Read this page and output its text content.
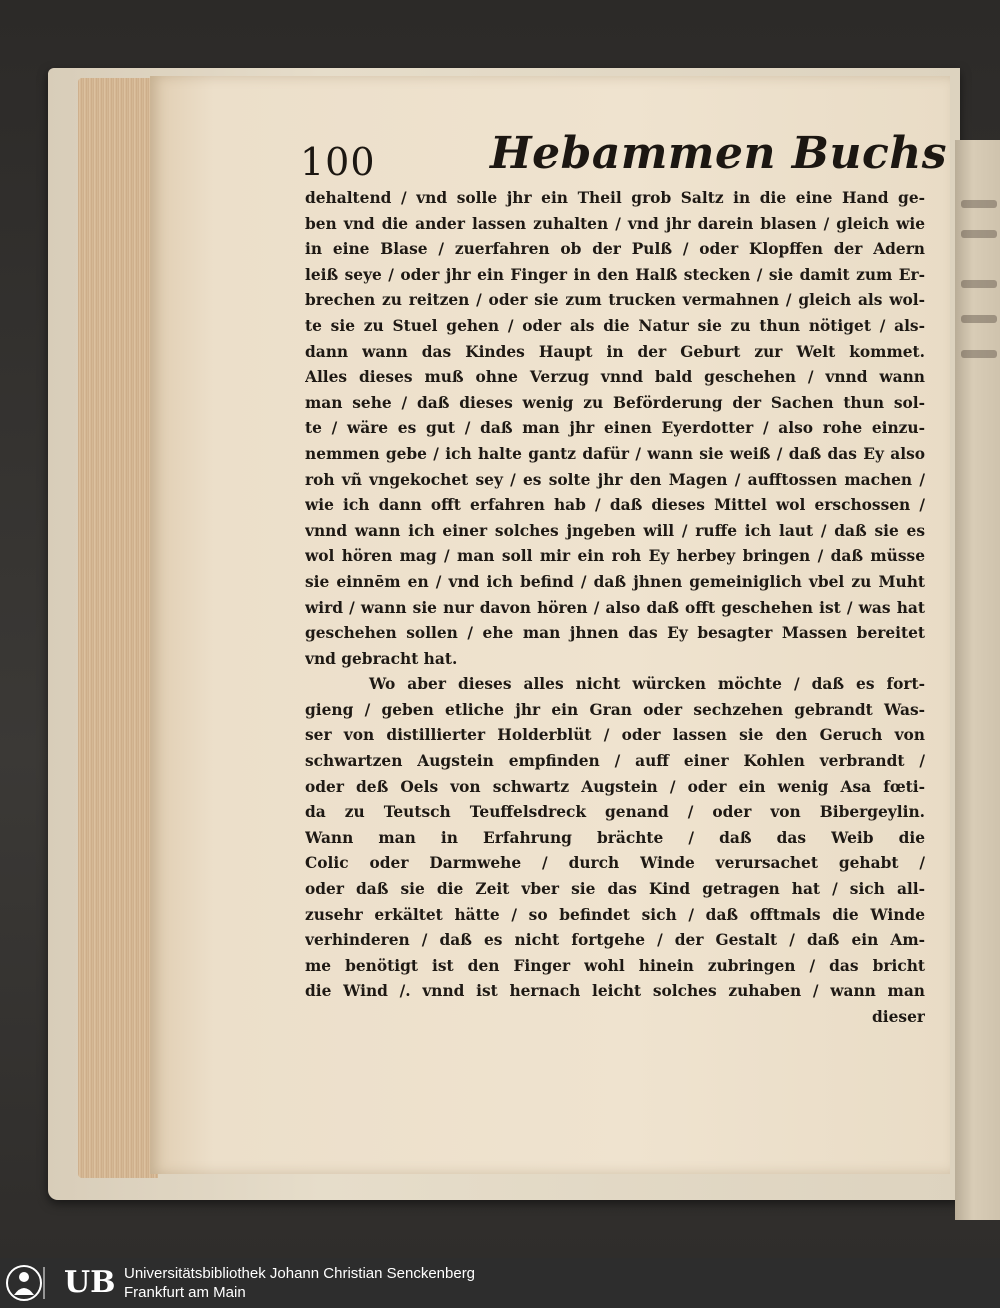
100	Hebammen Buchs
dehaltend / vnd solle jhr ein Theil grob Saltz in die eine Hand ge-
ben vnd die ander lassen zuhalten / vnd jhr darein blasen / gleich wie
in eine Blase / zuerfahren ob der Pulß / oder Klopffen der Adern
leiß seye / oder jhr ein Finger in den Halß stecken / sie damit zum Er-
brechen zu reitzen / oder sie zum trucken vermahnen / gleich als wol-
te sie zu Stuel gehen / oder als die Natur sie zu thun nötiget / als-
dann wann das Kindes Haupt in der Geburt zur Welt kommet.
Alles dieses muß ohne Verzug vnnd bald geschehen / vnnd wann
man sehe / daß dieses wenig zu Beförderung der Sachen thun sol-
te / wäre es gut / daß man jhr einen Eyerdotter / also rohe einzu-
nemmen gebe / ich halte gantz dafür / wann sie weiß / daß das Ey also
roh vñ vngekochet sey / es solte jhr den Magen / aufftossen machen /
wie ich dann offt erfahren hab / daß dieses Mittel wol erschossen /
vnnd wann ich einer solches jngeben will / ruffe ich laut / daß sie es
wol hören mag / man soll mir ein roh Ey herbey bringen / daß müsse
sie einnēm en / vnd ich befind / daß jhnen gemeiniglich vbel zu Muht
wird / wann sie nur davon hören / also daß offt geschehen ist / was hat
geschehen sollen / ehe man jhnen das Ey besagter Massen bereitet
vnd gebracht hat.
Wo aber dieses alles nicht würcken möchte / daß es fort-
gieng / geben etliche jhr ein Gran oder sechzehen gebrandt Was-
ser von distillierter Holderblüt / oder lassen sie den Geruch von
schwartzen Augstein empfinden / auff einer Kohlen verbrandt /
oder deß Oels von schwartz Augstein / oder ein wenig Asa fœti-
da zu Teutsch Teuffelsdreck genand / oder von Bibergeylin.
Wann man in Erfahrung brächte / daß das Weib die
Colic oder Darmwehe / durch Winde verursachet gehabt /
oder daß sie die Zeit vber sie das Kind getragen hat / sich all-
zusehr erkältet hätte / so befindet sich / daß offtmals die Winde
verhinderen / daß es nicht fortgehe / der Gestalt / daß ein Am-
me benötigt ist den Finger wohl hinein zubringen / das bricht
die Wind /. vnnd ist hernach leicht solches zuhaben / wann man
dieser
UB Universitätsbibliothek Johann Christian Senckenberg
Frankfurt am Main
